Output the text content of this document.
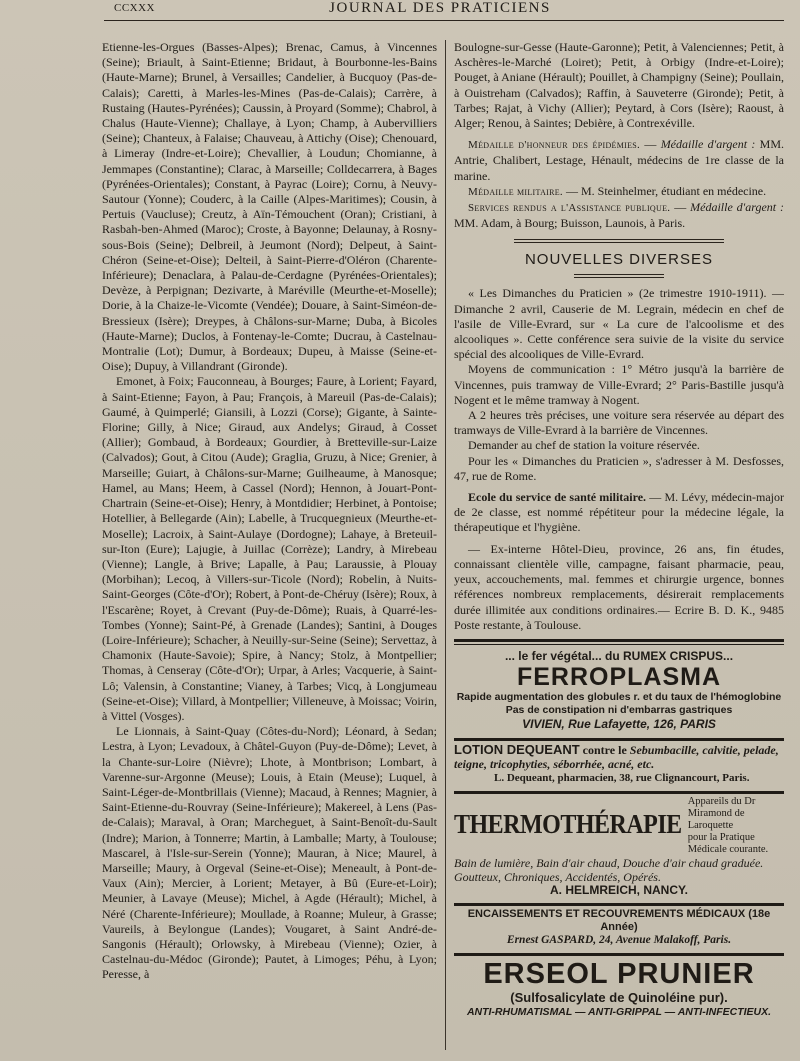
CCXXX	JOURNAL DES PRATICIENS

Etienne-les-Orgues (Basses-Alpes); Brenac, Camus, à Vincennes (Seine); Briault, à Saint-Etienne; Bridaut, à Bourbonne-les-Bains (Haute-Marne); Brunel, à Versailles; Candelier, à Bucquoy (Pas-de-Calais); Caretti, à Marles-les-Mines (Pas-de-Calais); Carrère, à Rustaing (Hautes-Pyrénées); Caussin, à Proyard (Somme); Chabrol, à Chalus (Haute-Vienne); Challaye, à Lyon; Champ, à Aubervilliers (Seine); Chanteux, à Falaise; Chauveau, à Attichy (Oise); Chenouard, à Limeray (Indre-et-Loire); Chevallier, à Loudun; Chomianne, à Jemmapes (Constantine); Clarac, à Marseille; Colldecarrera, à Bages (Pyrénées-Orientales); Constant, à Payrac (Loire); Cornu, à Neuvy-Sautour (Yonne); Couderc, à la Caille (Alpes-Maritimes); Cousin, à Pertuis (Vaucluse); Creutz, à Aïn-Témouchent (Oran); Cristiani, à Rasbah-ben-Ahmed (Maroc); Croste, à Bayonne; Delaunay, à Rosny-sous-Bois (Seine); Delbreil, à Jeumont (Nord); Delpeut, à Saint-Chéron (Seine-et-Oise); Delteil, à Saint-Pierre-d'Oléron (Charente-Inférieure); Denaclara, à Palau-de-Cerdagne (Pyrénées-Orientales); Devèze, à Perpignan; Dezivarte, à Maréville (Meurthe-et-Moselle); Dorie, à la Chaize-le-Vicomte (Vendée); Douare, à Saint-Siméon-de-Bressieux (Isère); Dreypes, à Châlons-sur-Marne; Duba, à Bicoles (Haute-Marne); Duclos, à Fontenay-le-Comte; Ducrau, à Castelnau-Montralie (Lot); Dumur, à Bordeaux; Dupeu, à Maisse (Seine-et-Oise); Dupuy, à Villandrant (Gironde).

Emonet, à Foix; Fauconneau, à Bourges; Faure, à Lorient; Fayard, à Saint-Etienne; Fayon, à Pau; François, à Mareuil (Pas-de-Calais); Gaumé, à Quimperlé; Giansili, à Lozzi (Corse); Gigante, à Sainte-Florine; Gilly, à Nice; Giraud, aux Andelys; Giraud, à Cosset (Allier); Gombaud, à Bordeaux; Gourdier, à Bretteville-sur-Laize (Calvados); Gout, à Citou (Aude); Graglia, Gruzu, à Nice; Grenier, à Marseille; Guiart, à Châlons-sur-Marne; Guilheaume, à Manosque; Hamel, au Mans; Heem, à Cassel (Nord); Hennon, à Jouart-Pont-Chartrain (Seine-et-Oise); Henry, à Montdidier; Herbinet, à Pontoise; Hotellier, à Bellegarde (Ain); Labelle, à Trucquegnieux (Meurthe-et-Moselle); Lacroix, à Saint-Aulaye (Dordogne); Lahaye, à Breteuil-sur-Iton (Eure); Lajugie, à Juillac (Corrèze); Landry, à Mirebeau (Vienne); Langle, à Brive; Lapalle, à Pau; Laraussie, à Plouay (Morbihan); Lecoq, à Villers-sur-Ticole (Nord); Robelin, à Nuits-Saint-Georges (Côte-d'Or); Robert, à Pont-de-Chéruy (Isère); Roux, à l'Escarène; Royet, à Crevant (Puy-de-Dôme); Ruais, à Quarré-les-Tombes (Yonne); Saint-Pé, à Grenade (Landes); Santini, à Douges (Loire-Inférieure); Schacher, à Neuilly-sur-Seine (Seine); Servettaz, à Chamonix (Haute-Savoie); Spire, à Nancy; Stolz, à Montpellier; Thomas, à Censeray (Côte-d'Or); Urpar, à Arles; Vacquerie, à Saint-Lô; Valensin, à Constantine; Vianey, à Tarbes; Vicq, à Longjumeau (Seine-et-Oise); Villard, à Montpellier; Villeneuve, à Moissac; Voirin, à Vittel (Vosges).

Le Lionnais, à Saint-Quay (Côtes-du-Nord); Léonard, à Sedan; Lestra, à Lyon; Levadoux, à Châtel-Guyon (Puy-de-Dôme); Levet, à la Chante-sur-Loire (Nièvre); Lhote, à Montbrison; Lombart, à Varenne-sur-Argonne (Meuse); Louis, à Etain (Meuse); Luquel, à Saint-Léger-de-Montbrillais (Vienne); Macaud, à Rennes; Magnier, à Saint-Etienne-du-Rouvray (Seine-Inférieure); Makereel, à Lens (Pas-de-Calais); Maraval, à Oran; Marcheguet, à Saint-Benoît-du-Sault (Indre); Marion, à Tonnerre; Martin, à Lamballe; Marty, à Toulouse; Mascarel, à l'Isle-sur-Serein (Yonne); Mauran, à Nice; Maurel, à Marseille; Maury, à Orgeval (Seine-et-Oise); Meneault, à Pont-de-Vaux (Ain); Mercier, à Lorient; Metayer, à Bû (Eure-et-Loir); Meunier, à Lavaye (Meuse); Michel, à Agde (Hérault); Michel, à Néré (Charente-Inférieure); Moullade, à Roanne; Muleur, à Grasse; Vaureils, à Beylongue (Landes); Vougaret, à Saint André-de-Sangonis (Hérault); Orlowsky, à Mirebeau (Vienne); Ozier, à Castelnau-du-Médoc (Gironde); Pautet, à Limoges; Péhu, à Lyon; Peresse, à

Boulogne-sur-Gesse (Haute-Garonne); Petit, à Valenciennes; Petit, à Aschères-le-Marché (Loiret); Petit, à Orbigy (Indre-et-Loire); Pouget, à Aniane (Hérault); Pouillet, à Champigny (Seine); Poullain, à Ouistreham (Calvados); Raffin, à Sauveterre (Gironde); Petit, à Tarbes; Rajat, à Vichy (Allier); Peytard, à Cors (Isère); Raoust, à Alger; Renou, à Saintes; Debière, à Contrexéville.

Médaille d'honneur des épidémies. — Médaille d'argent : MM. Antrie, Chalibert, Lestage, Hénault, médecins de 1re classe de la marine.

Médaille militaire. — M. Steinhelmer, étudiant en médecine.

Services rendus a l'Assistance publique. — Médaille d'argent : MM. Adam, à Bourg; Buisson, Launois, à Paris.

NOUVELLES DIVERSES

« Les Dimanches du Praticien » (2e trimestre 1910-1911). — Dimanche 2 avril, Causerie de M. Legrain, médecin en chef de l'asile de Ville-Evrard, sur « La cure de l'alcoolisme et des alcooliques ». Cette conférence sera suivie de la visite du service spécial des alcooliques de Ville-Evrard.

Moyens de communication : 1° Métro jusqu'à la barrière de Vincennes, puis tramway de Ville-Evrard; 2° Paris-Bastille jusqu'à Nogent et le même tramway à Nogent.

A 2 heures très précises, une voiture sera réservée au départ des tramways de Ville-Evrard à la barrière de Vincennes.

Demander au chef de station la voiture réservée.

Pour les « Dimanches du Praticien », s'adresser à M. Desfosses, 47, rue de Rome.

Ecole du service de santé militaire. — M. Lévy, médecin-major de 2e classe, est nommé répétiteur pour la médecine légale, la thérapeutique et l'hygiène.

— Ex-interne Hôtel-Dieu, province, 26 ans, fin études, connaissant clientèle ville, campagne, faisant pharmacie, peau, yeux, accouchements, mal. femmes et chirurgie urgence, bonnes références nombreux remplacements, désirerait remplacements durée illimitée aux conditions ordinaires.— Ecrire B. D. K., 9485 Poste restante, à Toulouse.

... le fer végétal... du RUMEX CRISPUS...
FERROPLASMA
Rapide augmentation des globules r. et du taux de l'hémoglobine
Pas de constipation ni d'embarras gastriques
VIVIEN, Rue Lafayette, 126, PARIS
LOTION DEQUEANT contre le Sebumbacille, calvitie, pelade,
teigne, tricophyties, séborrhée, acné, etc.
L. Dequeant, pharmacien, 38, rue Clignancourt, Paris.
THERMOTHÉRAPIE
Appareils du Dr Miramond de Laroquette
pour la Pratique Médicale courante.
Bain de lumière, Bain d'air chaud, Douche d'air chaud graduée. Goutteux, Chroniques, Accidentés, Opérés.
A. HELMREICH, NANCY.
ENCAISSEMENTS ET RECOUVREMENTS MÉDICAUX (18e Année)
Ernest GASPARD, 24, Avenue Malakoff, Paris.
ERSEOL PRUNIER
(Sulfosalicylate de Quinoléine pur).
ANTI-RHUMATISMAL — ANTI-GRIPPAL — ANTI-INFECTIEUX.
